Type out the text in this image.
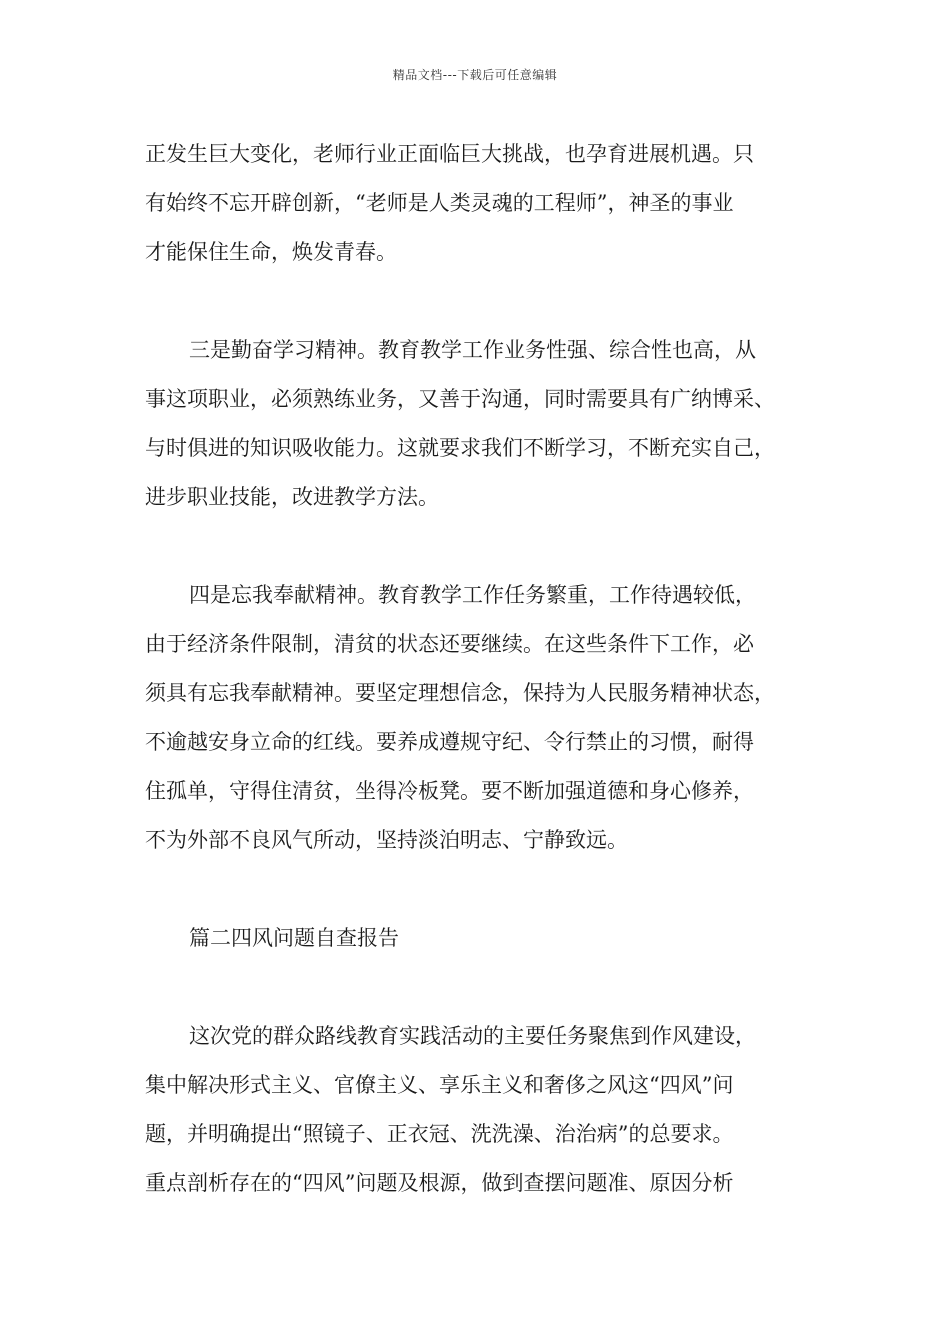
精品文档---下载后可任意编辑
正发生巨大变化，老师行业正面临巨大挑战，也孕育进展机遇。只
有始终不忘开辟创新，“老师是人类灵魂的工程师”，神圣的事业
才能保住生命，焕发青春。
三是勤奋学习精神。教育教学工作业务性强、综合性也高，从
事这项职业，必须熟练业务，又善于沟通，同时需要具有广纳博采、
与时俱进的知识吸收能力。这就要求我们不断学习，不断充实自己，
进步职业技能，改进教学方法。
四是忘我奉献精神。教育教学工作任务繁重，工作待遇较低，
由于经济条件限制，清贫的状态还要继续。在这些条件下工作，必
须具有忘我奉献精神。要坚定理想信念，保持为人民服务精神状态，
不逾越安身立命的红线。要养成遵规守纪、令行禁止的习惯，耐得
住孤单，守得住清贫，坐得冷板凳。要不断加强道德和身心修养，
不为外部不良风气所动，坚持淡泊明志、宁静致远。
篇二四风问题自查报告
这次党的群众路线教育实践活动的主要任务聚焦到作风建设，
集中解决形式主义、官僚主义、享乐主义和奢侈之风这“四风”问
题，并明确提出“照镜子、正衣冠、洗洗澡、治治病”的总要求。
重点剖析存在的“四风”问题及根源，做到查摆问题准、原因分析
